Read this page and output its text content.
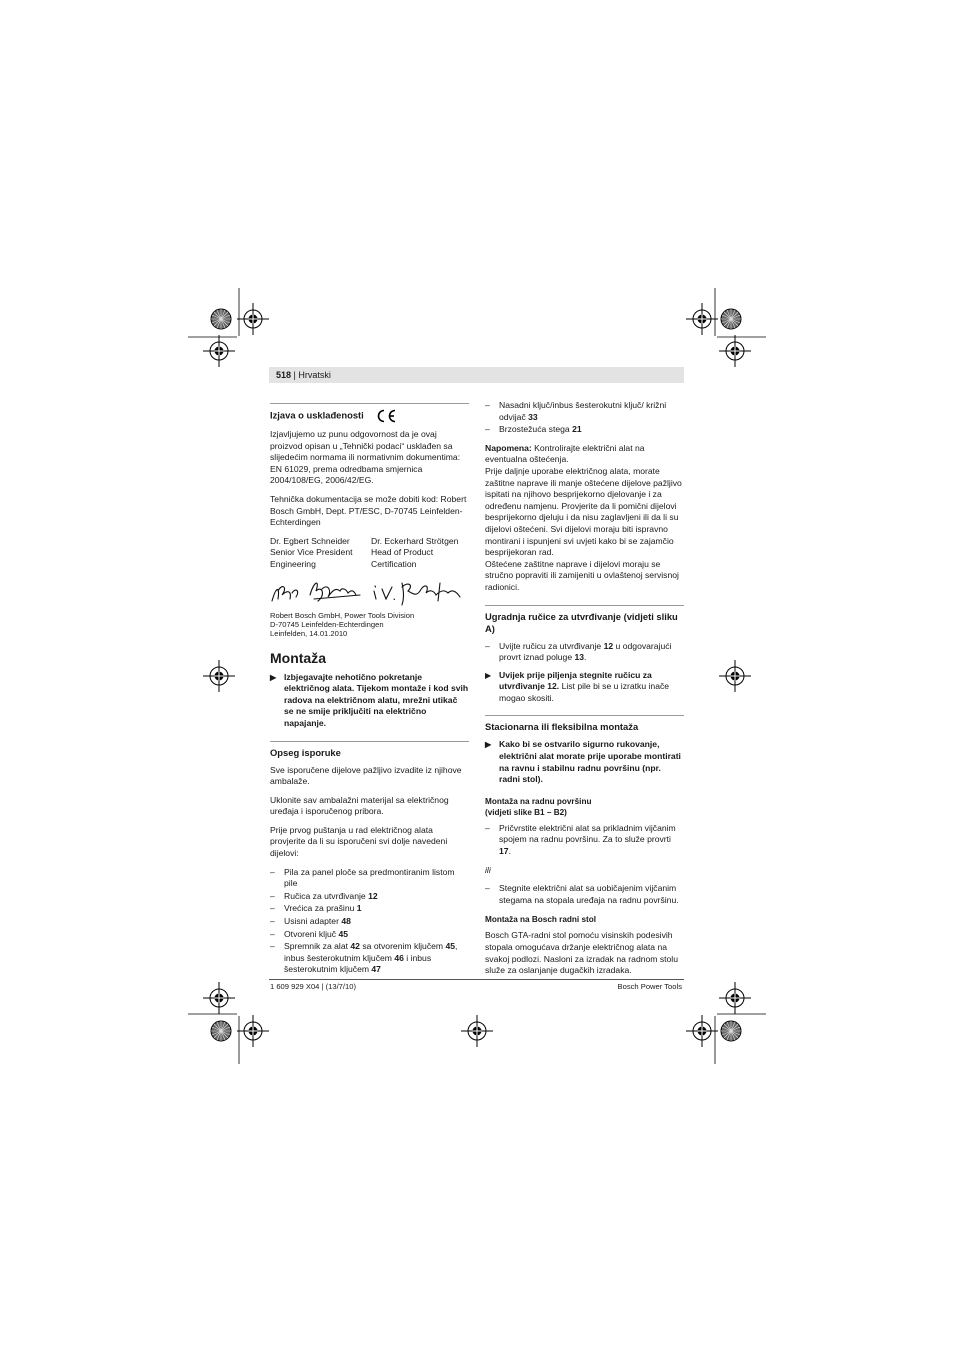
518 | Hrvatski
Izjava o usklađenosti

Izjavljujemo uz punu odgovornost da je ovaj proizvod opisan u „Tehnički podaci“ usklađen sa slijedećim normama ili normativnim dokumentima: EN 61029, prema odredbama smjernica 2004/108/EG, 2006/42/EG.

Tehnička dokumentacija se može dobiti kod: Robert Bosch GmbH, Dept. PT/ESC, D-70745 Leinfelden-Echterdingen

Dr. Egbert Schneider
Senior Vice President
Engineering
Dr. Eckerhard Strötgen
Head of Product
Certification
Robert Bosch GmbH, Power Tools Division
D-70745 Leinfelden-Echterdingen
Leinfelden, 14.01.2010
Montaža
▶ Izbjegavajte nehotično pokretanje električnog alata. Tijekom montaže i kod svih radova na električnom alatu, mrežni utikač se ne smije priključiti na električno napajanje.
Opseg isporuke

Sve isporučene dijelove pažljivo izvadite iz njihove ambalaže.

Uklonite sav ambalažni materijal sa električnog uređaja i isporučenog pribora.

Prije prvog puštanja u rad električnog alata provjerite da li su isporučeni svi dolje navedeni dijelovi:

– Pila za panel ploče sa predmontiranim listom pile
– Ručica za utvrđivanje 12
– Vrećica za prašinu 1
– Usisni adapter 48
– Otvoreni ključ 45
– Spremnik za alat 42 sa otvorenim ključem 45, inbus šesterokutnim ključem 46 i inbus šesterokutnim ključem 47
– Nasadni ključ/inbus šesterokutni ključ/ križni odvijač 33
– Brzostežuća stega 21
Napomena: Kontrolirajte električni alat na eventualna oštećenja.
Prije daljnje uporabe električnog alata, morate zaštitne naprave ili manje oštećene dijelove pažljivo ispitati na njihovo besprijekorno djelovanje i za određenu namjenu. Provjerite da li pomični dijelovi besprijekorno djeluju i da nisu zaglavljeni ili da li su dijelovi oštećeni. Svi dijelovi moraju biti ispravno montirani i ispunjeni svi uvjeti kako bi se zajamčio besprijekoran rad.

Oštećene zaštitne naprave i dijelovi moraju se stručno popraviti ili zamijeniti u ovlaštenoj servisnoj radionici.

Ugradnja ručice za utvrđivanje (vidjeti sliku A)
– Uvijte ručicu za utvrđivanje 12 u odgovarajući provrt iznad poluge 13.
▶ Uvijek prije piljenja stegnite ručicu za utvrđivanje 12. List pile bi se u izratku inače mogao skositi.
Stacionarna ili fleksibilna montaža
▶ Kako bi se ostvarilo sigurno rukovanje, električni alat morate prije uporabe montirati na ravnu i stabilnu radnu površinu (npr. radni stol).
Montaža na radnu površinu (vidjeti slike B1 – B2)
– Pričvrstite električni alat sa prikladnim vijčanim spojem na radnu površinu. Za to služe provrti 17.

ili

– Stegnite električni alat sa uobičajenim vijčanim stegama na stopala uređaja na radnu površinu.
Montaža na Bosch radni stol
Bosch GTA-radni stol pomoću visinskih podesivih stopala omogućava držanje električnog alata na svakoj podlozi. Nasloni za izradak na radnom stolu služe za oslanjanje dugačkih izradaka.
1 609 929 X04 | (13/7/10)	Bosch Power Tools
